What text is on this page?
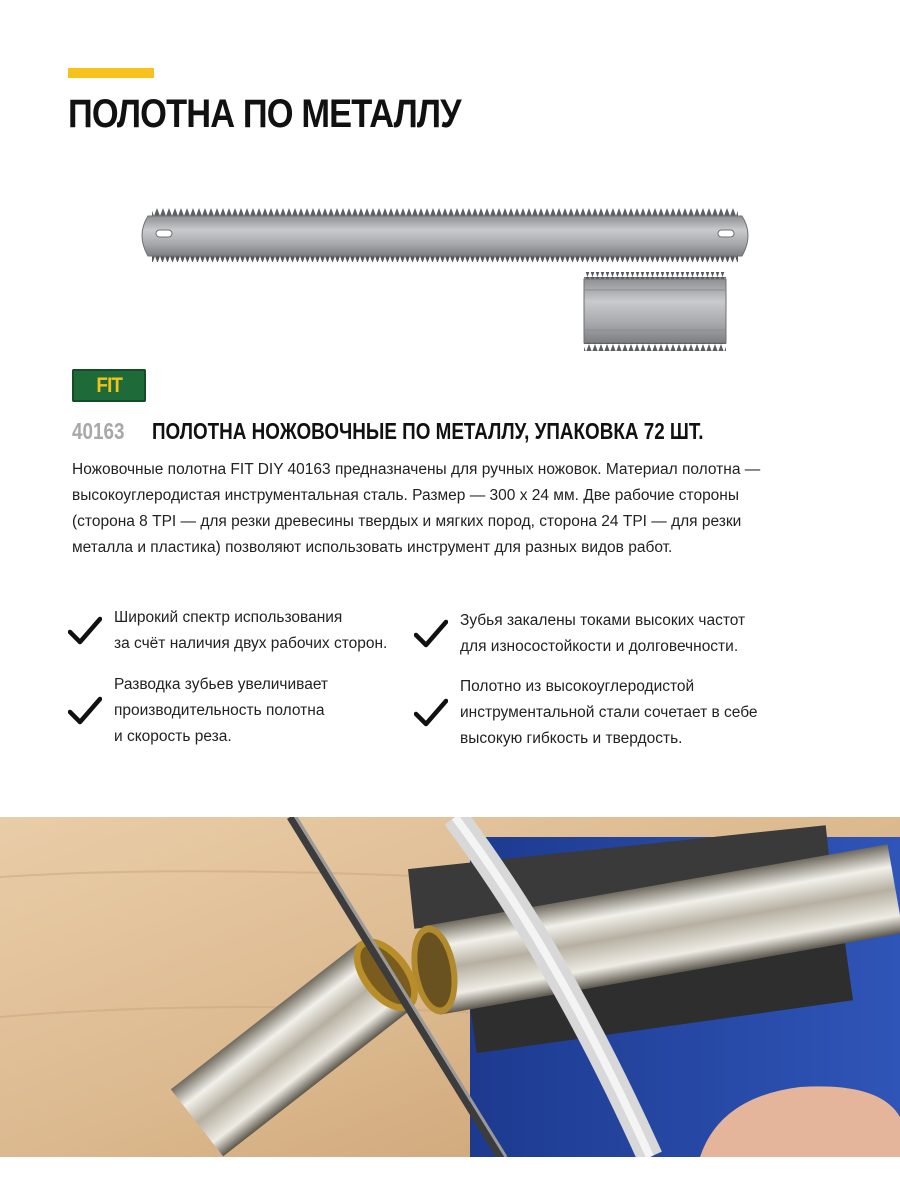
ПОЛОТНА ПО МЕТАЛЛУ
FIT
40163 ПОЛОТНА НОЖОВОЧНЫЕ ПО МЕТАЛЛУ, УПАКОВКА 72 ШТ.

Ножовочные полотна FIT DIY 40163 предназначены для ручных ножовок. Материал полотна — высокоуглеродистая инструментальная сталь. Размер — 300 х 24 мм. Две рабочие стороны (сторона 8 TPI — для резки древесины твердых и мягких пород, сторона 24 TPI — для резки металла и пластика) позволяют использовать инструмент для разных видов работ.

Широкий спектр использования
за счёт наличия двух рабочих сторон.
Зубья закалены токами высоких частот
для износостойкости и долговечности.
Разводка зубьев увеличивает
производительность полотна
и скорость реза.
Полотно из высокоуглеродистой
инструментальной стали сочетает в себе
высокую гибкость и твердость.
